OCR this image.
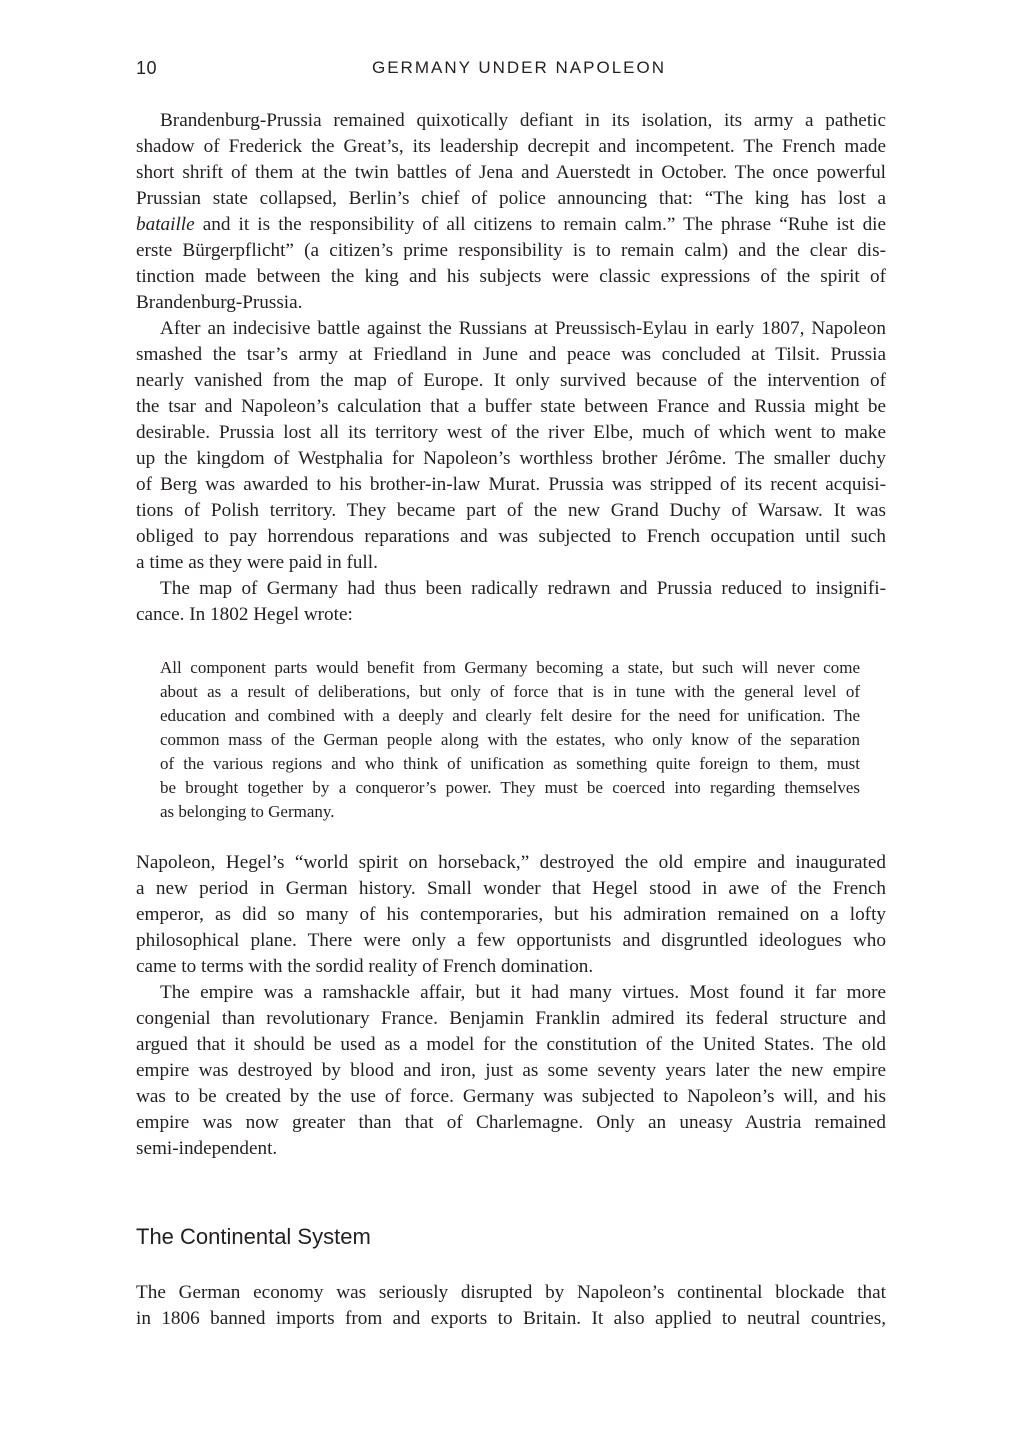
10	GERMANY UNDER NAPOLEON
Brandenburg-Prussia remained quixotically defiant in its isolation, its army a pathetic
shadow of Frederick the Great’s, its leadership decrepit and incompetent. The French made
short shrift of them at the twin battles of Jena and Auerstedt in October. The once powerful
Prussian state collapsed, Berlin’s chief of police announcing that: “The king has lost a
bataille and it is the responsibility of all citizens to remain calm.” The phrase “Ruhe ist die
erste Bürgerpflicht” (a citizen’s prime responsibility is to remain calm) and the clear dis-
tinction made between the king and his subjects were classic expressions of the spirit of
Brandenburg-Prussia.
After an indecisive battle against the Russians at Preussisch-Eylau in early 1807, Napoleon
smashed the tsar’s army at Friedland in June and peace was concluded at Tilsit. Prussia
nearly vanished from the map of Europe. It only survived because of the intervention of
the tsar and Napoleon’s calculation that a buffer state between France and Russia might be
desirable. Prussia lost all its territory west of the river Elbe, much of which went to make
up the kingdom of Westphalia for Napoleon’s worthless brother Jérôme. The smaller duchy
of Berg was awarded to his brother-in-law Murat. Prussia was stripped of its recent acquisi-
tions of Polish territory. They became part of the new Grand Duchy of Warsaw. It was
obliged to pay horrendous reparations and was subjected to French occupation until such
a time as they were paid in full.
The map of Germany had thus been radically redrawn and Prussia reduced to insignifi-
cance. In 1802 Hegel wrote:
All component parts would benefit from Germany becoming a state, but such will never come
about as a result of deliberations, but only of force that is in tune with the general level of
education and combined with a deeply and clearly felt desire for the need for unification. The
common mass of the German people along with the estates, who only know of the separation
of the various regions and who think of unification as something quite foreign to them, must
be brought together by a conqueror’s power. They must be coerced into regarding themselves
as belonging to Germany.
Napoleon, Hegel’s “world spirit on horseback,” destroyed the old empire and inaugurated
a new period in German history. Small wonder that Hegel stood in awe of the French
emperor, as did so many of his contemporaries, but his admiration remained on a lofty
philosophical plane. There were only a few opportunists and disgruntled ideologues who
came to terms with the sordid reality of French domination.
The empire was a ramshackle affair, but it had many virtues. Most found it far more
congenial than revolutionary France. Benjamin Franklin admired its federal structure and
argued that it should be used as a model for the constitution of the United States. The old
empire was destroyed by blood and iron, just as some seventy years later the new empire
was to be created by the use of force. Germany was subjected to Napoleon’s will, and his
empire was now greater than that of Charlemagne. Only an uneasy Austria remained
semi-independent.
The Continental System
The German economy was seriously disrupted by Napoleon’s continental blockade that
in 1806 banned imports from and exports to Britain. It also applied to neutral countries,
